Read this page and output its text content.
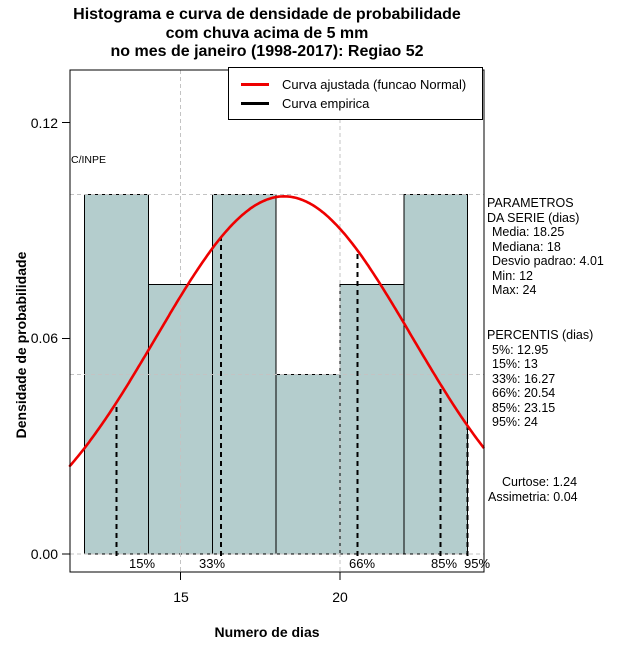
Histograma e curva de densidade de probabilidade
com chuva acima de 5 mm
no mes de janeiro (1998-2017): Regiao 52
Curva ajustada (funcao Normal)
Curva empirica
C/INPE
0.12
0.06
0.00
15	20
15%	33%	66%	85% 95%
Numero de dias
Densidade de probabilidade
PARAMETROS
DA SERIE (dias)
Media: 18.25
Mediana: 18
Desvio padrao: 4.01
Min: 12
Max: 24
PERCENTIS (dias)
5%: 12.95
15%: 13
33%: 16.27
66%: 20.54
85%: 23.15
95%: 24
Curtose: 1.24
Assimetria: 0.04
